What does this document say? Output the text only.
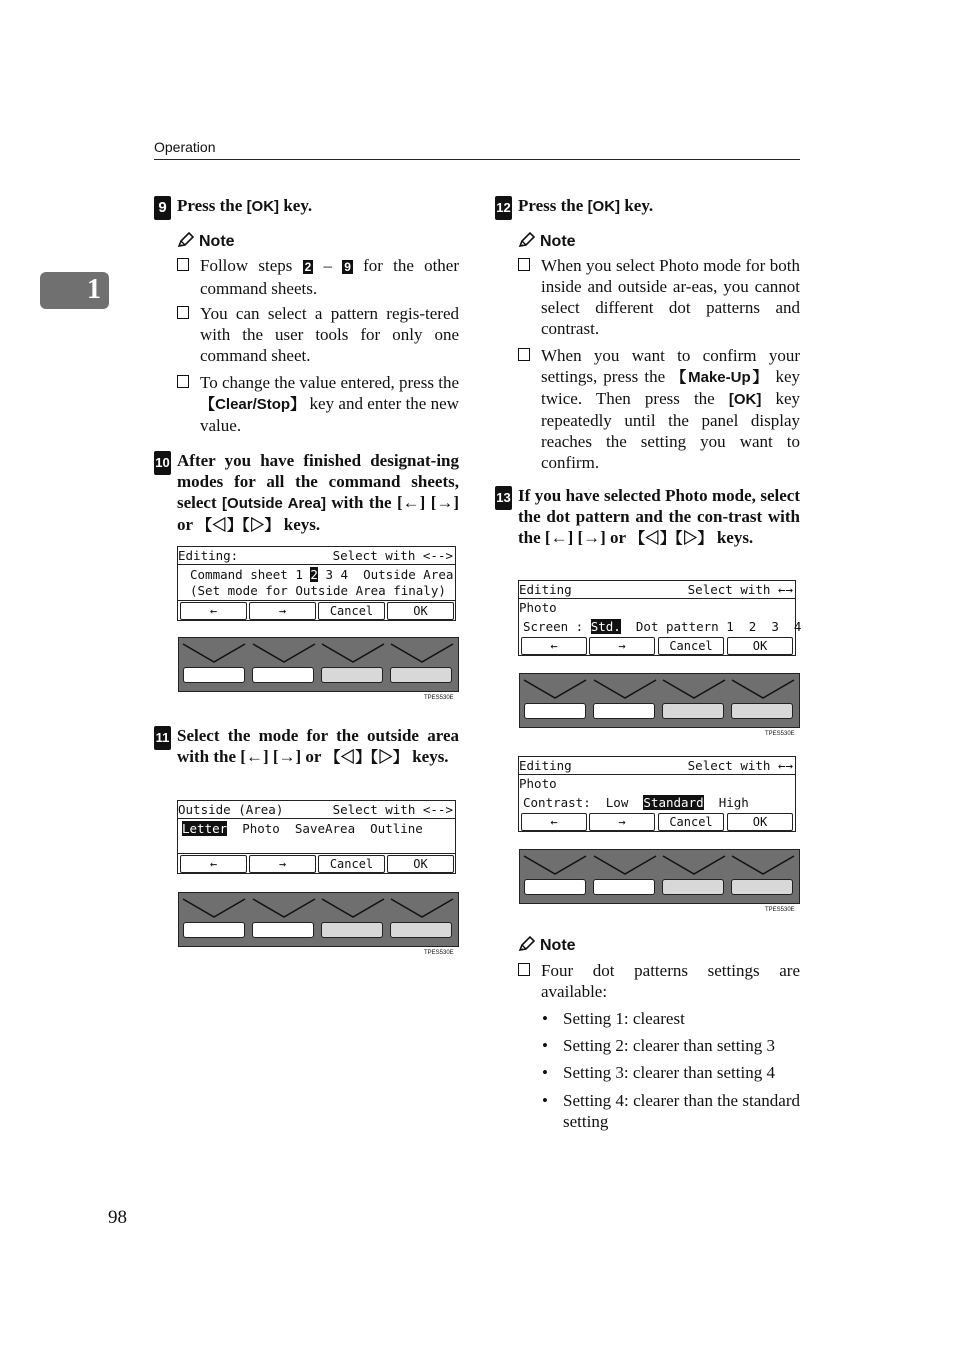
Operation
1
9 Press the [OK] key.
Note
Follow steps 2 – 9 for the other command sheets.
You can select a pattern regis-tered with the user tools for only one command sheet.
To change the value entered, press the 【Clear/Stop】 key and enter the new value.
10 After you have finished designat-ing modes for all the command sheets, select [Outside Area] with the [←] [→] or 【◁】【▷】 keys.
Editing:	Select with <-->
Command sheet 1 2 3 4  Outside Area
(Set mode for Outside Area finaly)
←	→	Cancel	OK
TPES530E
11 Select the mode for the outside area with the [←] [→] or 【◁】【▷】 keys.
Outside (Area)	Select with <-->
Letter  Photo  SaveArea  Outline
←	→	Cancel	OK
TPES530E
12 Press the [OK] key.
Note
When you select Photo mode for both inside and outside ar-eas, you cannot select different dot patterns and contrast.
When you want to confirm your settings, press the 【Make-Up】 key twice. Then press the [OK] key repeatedly until the panel display reaches the setting you want to confirm.
13 If you have selected Photo mode, select the dot pattern and the con-trast with the [←] [→] or 【◁】【▷】 keys.
Editing	Select with ←→
Photo
Screen : Std.  Dot pattern 1  2  3  4
←	→	Cancel	OK
TPES530E
Editing	Select with ←→
Photo
Contrast:  Low  Standard  High
←	→	Cancel	OK
TPES530E
Note
Four dot patterns settings are available:
• Setting 1: clearest
• Setting 2: clearer than setting 3
• Setting 3: clearer than setting 4
• Setting 4: clearer than the standard setting
98
